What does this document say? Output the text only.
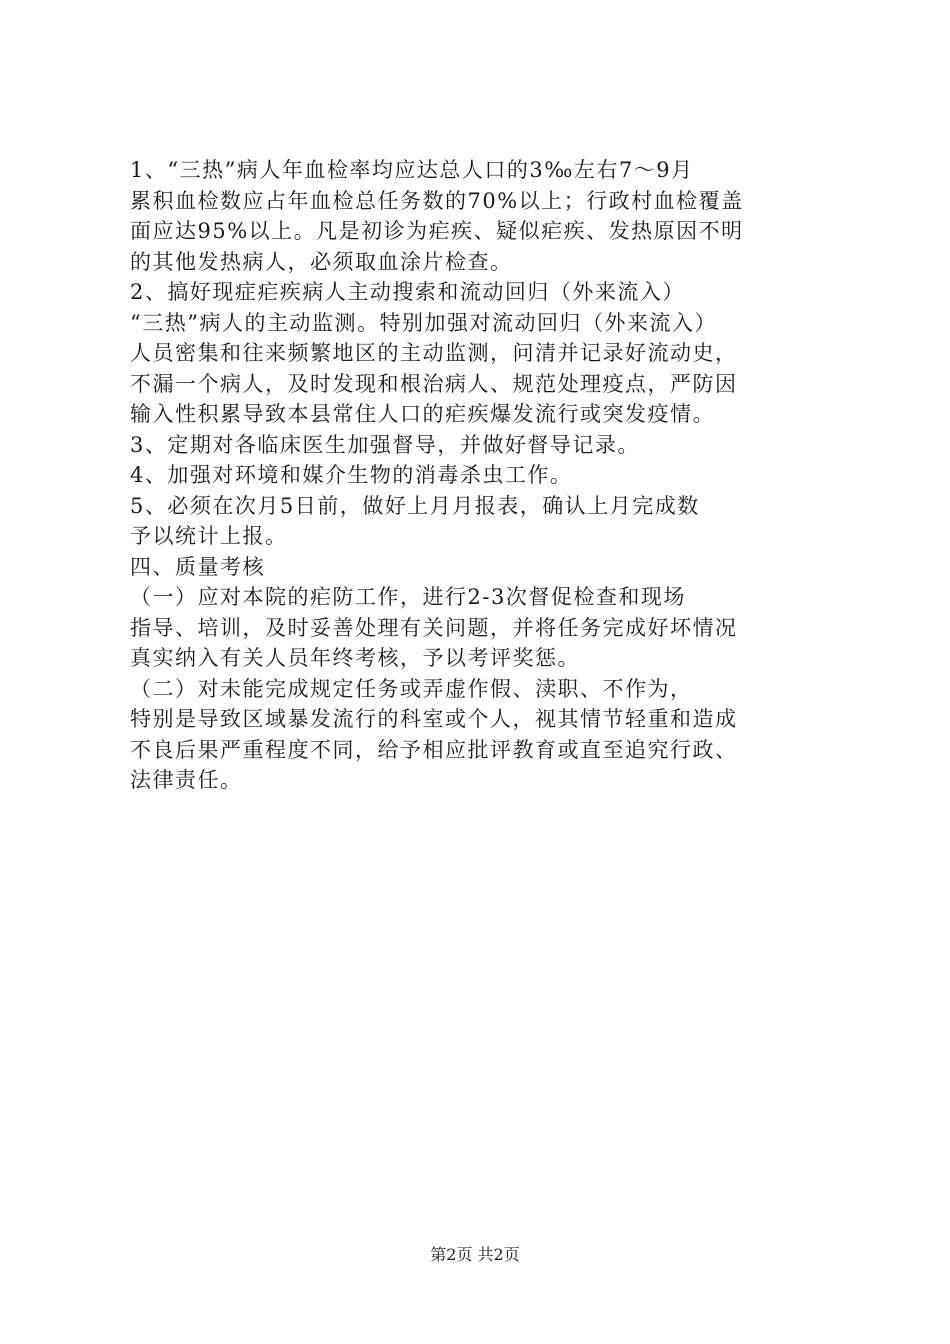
1、“三热”病人年血检率均应达总人口的3‰左右7～9月
累积血检数应占年血检总任务数的70%以上；行政村血检覆盖
面应达95%以上。凡是初诊为疟疾、疑似疟疾、发热原因不明
的其他发热病人，必须取血涂片检查。
2、搞好现症疟疾病人主动搜索和流动回归（外来流入）
“三热”病人的主动监测。特别加强对流动回归（外来流入）
人员密集和往来频繁地区的主动监测，问清并记录好流动史，
不漏一个病人，及时发现和根治病人、规范处理疫点，严防因
输入性积累导致本县常住人口的疟疾爆发流行或突发疫情。
3、定期对各临床医生加强督导，并做好督导记录。
4、加强对环境和媒介生物的消毒杀虫工作。
5、必须在次月5日前，做好上月月报表，确认上月完成数
予以统计上报。
四、质量考核
（一）应对本院的疟防工作，进行2-3次督促检查和现场
指导、培训，及时妥善处理有关问题，并将任务完成好坏情况
真实纳入有关人员年终考核，予以考评奖惩。
（二）对未能完成规定任务或弄虚作假、渎职、不作为，
特别是导致区域暴发流行的科室或个人，视其情节轻重和造成
不良后果严重程度不同，给予相应批评教育或直至追究行政、
法律责任。
第2页 共2页
